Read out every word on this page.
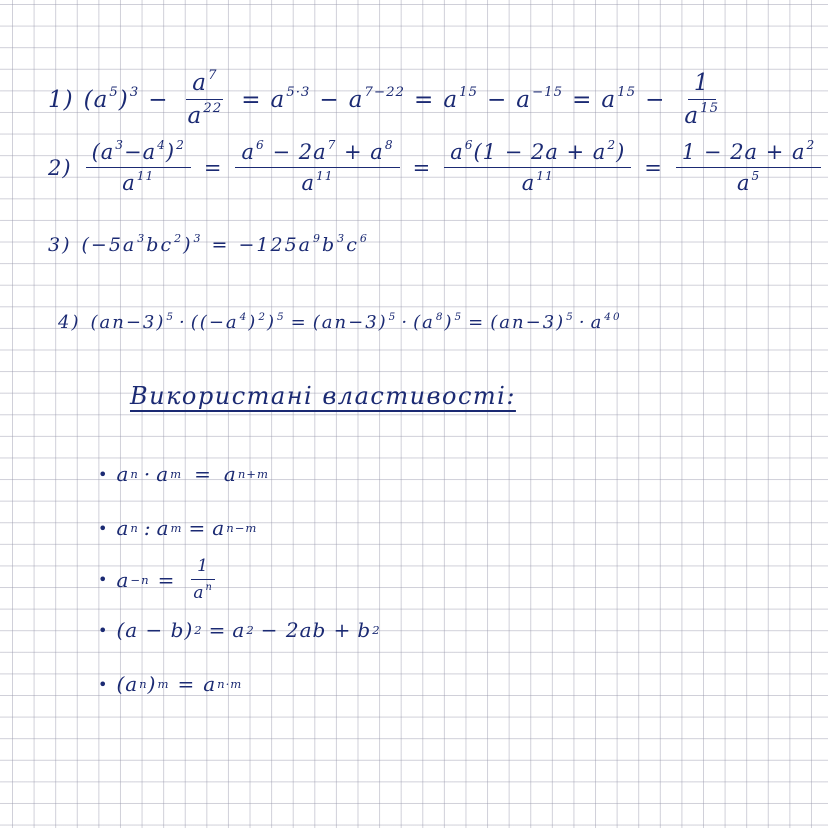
1) $(a^5)^3 - \frac{a^7}{a^{22}} = a^{5\cdot 3} - a^{7-22} = a^{15} - a^{-15} = a^{15} - \frac{1}{a^{15}}$
$2) \frac{(a^3-a^4)^2}{a^{11}} = \frac{a^6 - 2a^7 + a^8}{a^{11}} = \frac{a^6(1 - 2a + a^2)}{a^{11}} = \frac{1 - 2a + a^2}{a^5}$
3) $(-5a^3bc^2)^3 = -125a^9b^3c^6$
4) $(an-3)^5 \cdot ((-a^4)^2)^5 = (an-3)^5 \cdot (a^8)^5 = (an-3)^5 \cdot a^{40}$
Використані властивості:
• a n · a m = a n+m
• a n : a m = a n−m
• $a -n = \frac{1}{a^n}$
• (a − b) 2 = a 2 − 2ab + b 2
• (a n ) m = a n·m
